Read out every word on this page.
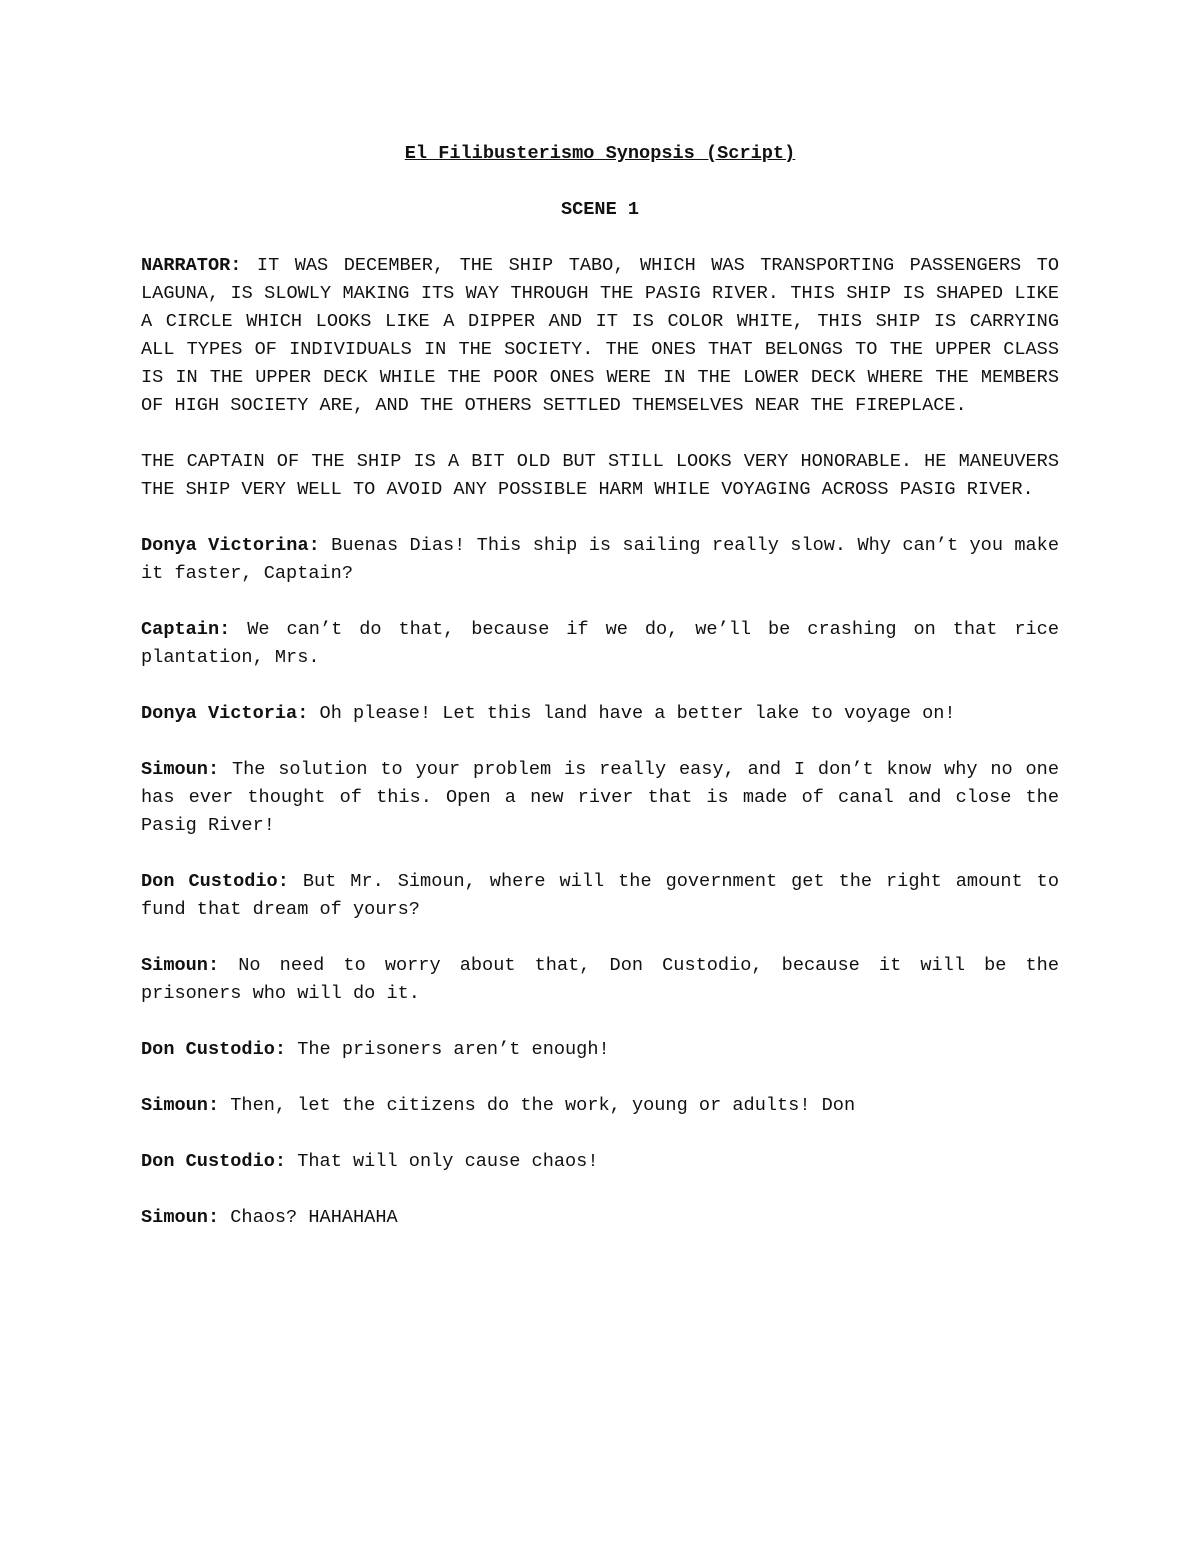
El Filibusterismo Synopsis (Script)
SCENE 1

NARRATOR: IT WAS DECEMBER, THE SHIP TABO, WHICH WAS TRANSPORTING PASSENGERS TO LAGUNA, IS SLOWLY MAKING ITS WAY THROUGH THE PASIG RIVER. THIS SHIP IS SHAPED LIKE A CIRCLE WHICH LOOKS LIKE A DIPPER AND IT IS COLOR WHITE, THIS SHIP IS CARRYING ALL TYPES OF INDIVIDUALS IN THE SOCIETY. THE ONES THAT BELONGS TO THE UPPER CLASS IS IN THE UPPER DECK WHILE THE POOR ONES WERE IN THE LOWER DECK WHERE THE MEMBERS OF HIGH SOCIETY ARE, AND THE OTHERS SETTLED THEMSELVES NEAR THE FIREPLACE.

THE CAPTAIN OF THE SHIP IS A BIT OLD BUT STILL LOOKS VERY HONORABLE. HE MANEUVERS THE SHIP VERY WELL TO AVOID ANY POSSIBLE HARM WHILE VOYAGING ACROSS PASIG RIVER.

Donya Victorina: Buenas Dias! This ship is sailing really slow. Why can’t you make it faster, Captain?

Captain: We can’t do that, because if we do, we’ll be crashing on that rice plantation, Mrs.

Donya Victoria: Oh please! Let this land have a better lake to voyage on!

Simoun: The solution to your problem is really easy, and I don’t know why no one has ever thought of this. Open a new river that is made of canal and close the Pasig River!

Don Custodio: But Mr. Simoun, where will the government get the right amount to fund that dream of yours?

Simoun: No need to worry about that, Don Custodio, because it will be the prisoners who will do it.

Don Custodio: The prisoners aren’t enough!

Simoun: Then, let the citizens do the work, young or adults! Don

Don Custodio: That will only cause chaos!

Simoun: Chaos? HAHAHAHA
